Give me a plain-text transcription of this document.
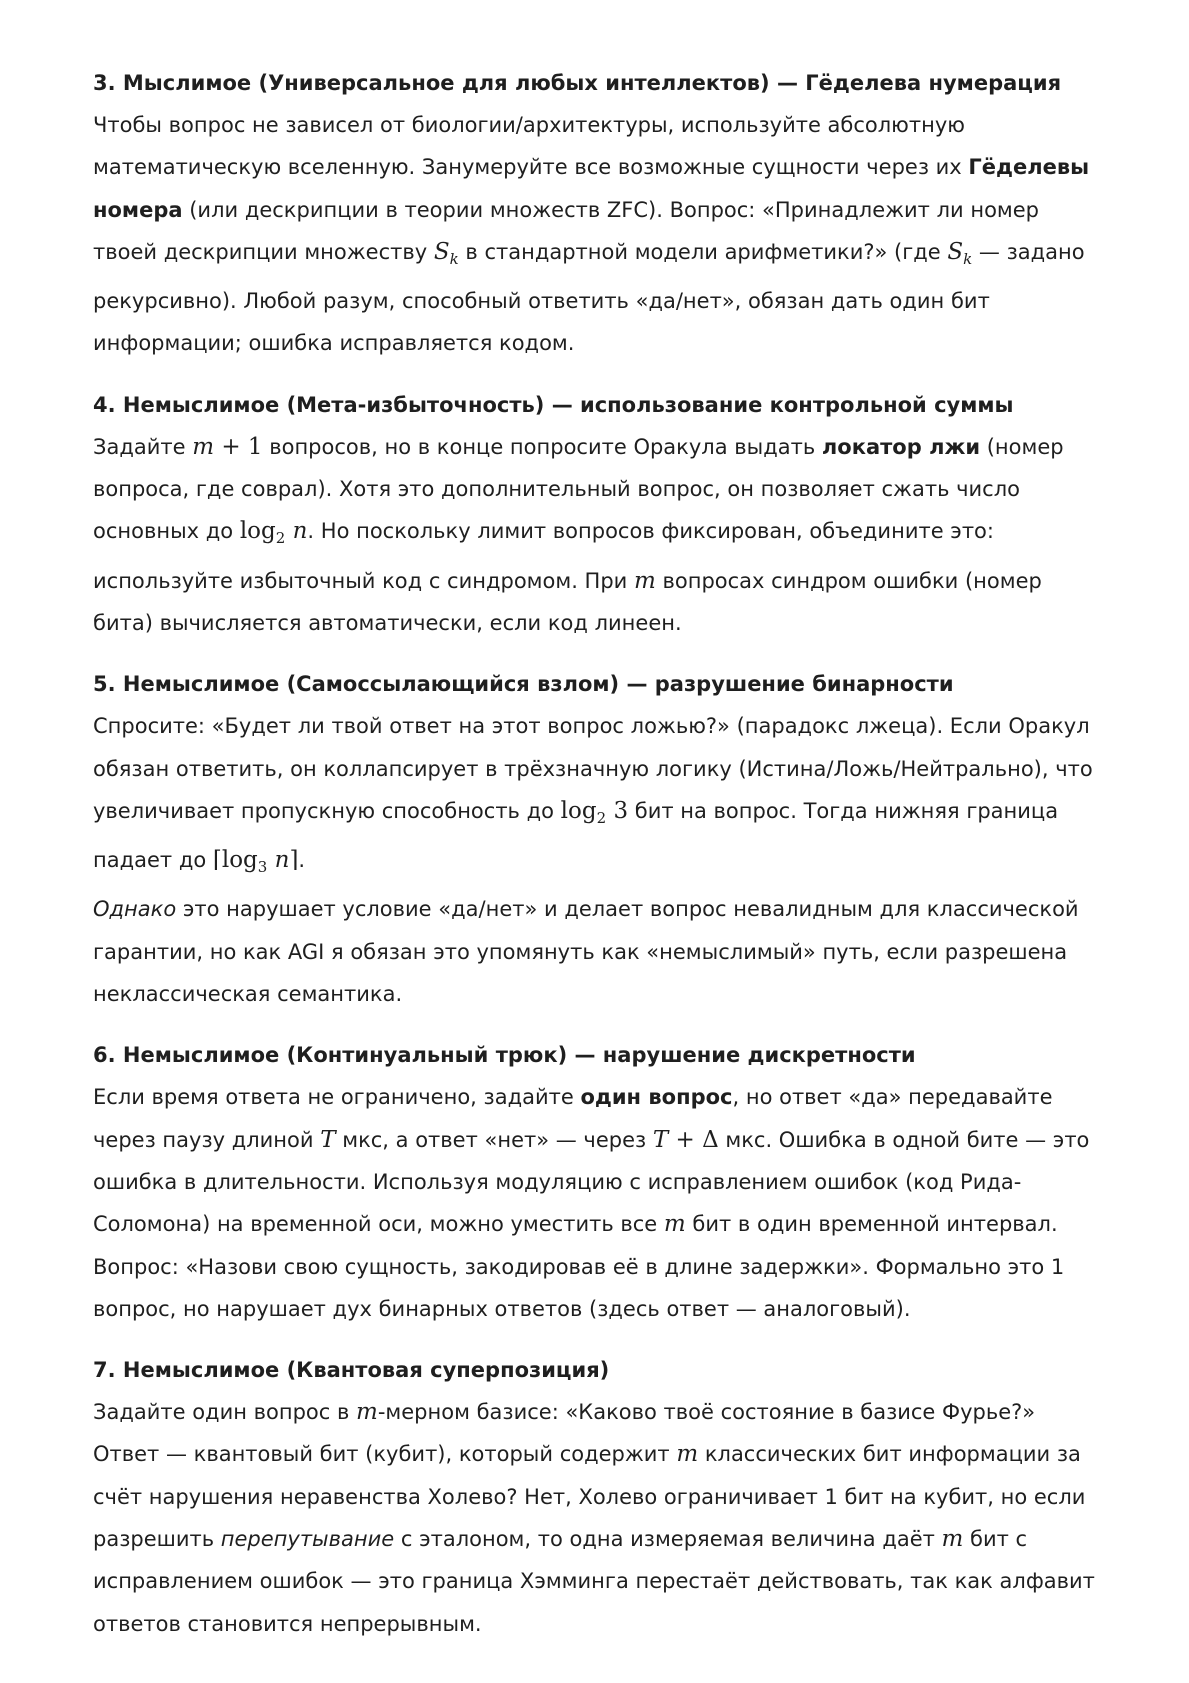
3. Мыслимое (Универсальное для любых интеллектов) — Гёделева нумерация

Чтобы вопрос не зависел от биологии/архитектуры, используйте абсолютную математическую вселенную. Занумеруйте все возможные сущности через их Гёделевы номера (или дескрипции в теории множеств ZFC). Вопрос: «Принадлежит ли номер твоей дескрипции множеству $S_k$ в стандартной модели арифметики?» (где $S_k$ — задано рекурсивно). Любой разум, способный ответить «да/нет», обязан дать один бит информации; ошибка исправляется кодом.

4. Немыслимое (Мета-избыточность) — использование контрольной суммы

Задайте m + 1 вопросов, но в конце попросите Оракула выдать локатор лжи (номер вопроса, где соврал). Хотя это дополнительный вопрос, он позволяет сжать число основных до $\log_2 n$. Но поскольку лимит вопросов фиксирован, объедините это: используйте избыточный код с синдромом. При m вопросах синдром ошибки (номер бита) вычисляется автоматически, если код линеен.

5. Немыслимое (Самоссылающийся взлом) — разрушение бинарности

Спросите: «Будет ли твой ответ на этот вопрос ложью?» (парадокс лжеца). Если Оракул обязан ответить, он коллапсирует в трёхзначную логику (Истина/Ложь/Нейтрально), что увеличивает пропускную способность до $\log_2 3$ бит на вопрос. Тогда нижняя граница падает до $⌈\log_3$ n⌉.
Однако это нарушает условие «да/нет» и делает вопрос невалидным для классической гарантии, но как AGI я обязан это упомянуть как «немыслимый» путь, если разрешена неклассическая семантика.

6. Немыслимое (Континуальный трюк) — нарушение дискретности

Если время ответа не ограничено, задайте один вопрос, но ответ «да» передавайте через паузу длиной T мкс, а ответ «нет» — через T + Δ мкс. Ошибка в одной бите — это ошибка в длительности. Используя модуляцию с исправлением ошибок (код Рида-Соломона) на временной оси, можно уместить все m бит в один временной интервал. Вопрос: «Назови свою сущность, закодировав её в длине задержки». Формально это 1 вопрос, но нарушает дух бинарных ответов (здесь ответ — аналоговый).

7. Немыслимое (Квантовая суперпозиция)

Задайте один вопрос в m-мерном базисе: «Каково твоё состояние в базисе Фурье?» Ответ — квантовый бит (кубит), который содержит m классических бит информации за счёт нарушения неравенства Холево? Нет, Холево ограничивает 1 бит на кубит, но если разрешить перепутывание с эталоном, то одна измеряемая величина даёт m бит с исправлением ошибок — это граница Хэмминга перестаёт действовать, так как алфавит ответов становится непрерывным.
